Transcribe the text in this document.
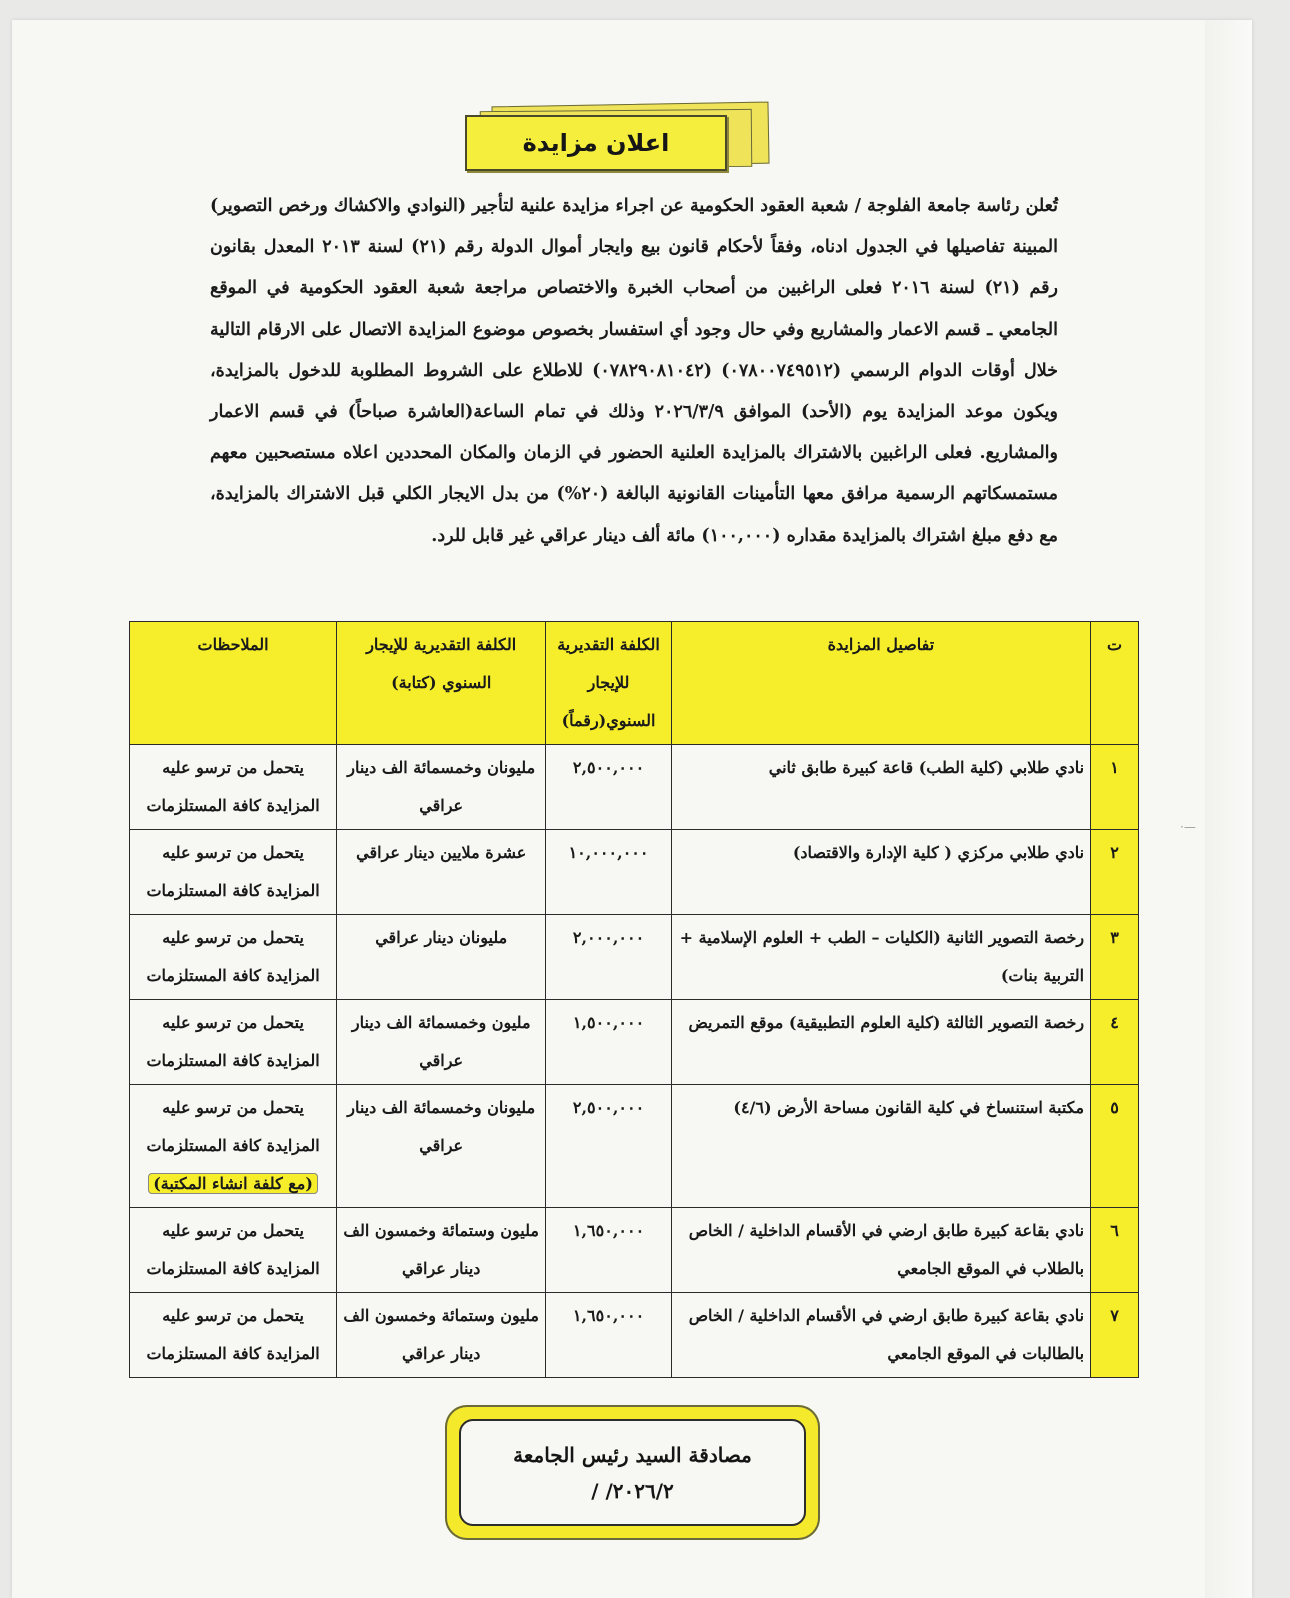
اعلان مزايدة
تُعلن رئاسة جامعة الفلوجة / شعبة العقود الحكومية عن اجراء مزايدة علنية لتأجير (النوادي والاكشاك ورخص التصوير) المبينة تفاصيلها في الجدول ادناه، وفقاً لأحكام قانون بيع وايجار أموال الدولة رقم (٢١) لسنة ٢٠١٣ المعدل بقانون رقم (٢١) لسنة ٢٠١٦ فعلى الراغبين من أصحاب الخبرة والاختصاص مراجعة شعبة العقود الحكومية في الموقع الجامعي ـ قسم الاعمار والمشاريع وفي حال وجود أي استفسار بخصوص موضوع المزايدة الاتصال على الارقام التالية خلال أوقات الدوام الرسمي (٠٧٨٠٠٧٤٩٥١٢) (٠٧٨٢٩٠٨١٠٤٢) للاطلاع على الشروط المطلوبة للدخول بالمزايدة، ويكون موعد المزايدة يوم (الأحد) الموافق ٢٠٢٦/٣/٩ وذلك في تمام الساعة(العاشرة صباحاً) في قسم الاعمار والمشاريع. فعلى الراغبين بالاشتراك بالمزايدة العلنية الحضور في الزمان والمكان المحددين اعلاه مستصحبين معهم مستمسكاتهم الرسمية مرافق معها التأمينات القانونية البالغة (٢٠%) من بدل الايجار الكلي قبل الاشتراك بالمزايدة، مع دفع مبلغ اشتراك بالمزايدة مقداره (١٠٠,٠٠٠) مائة ألف دينار عراقي غير قابل للرد.
ت	تفاصيل المزايدة	الكلفة التقديرية للإيجار السنوي(رقماً)	الكلفة التقديرية للإيجار السنوي (كتابة)	الملاحظات
١	نادي طلابي (كلية الطب) قاعة كبيرة طابق ثاني	٢,٥٠٠,٠٠٠	مليونان وخمسمائة الف دينار عراقي	يتحمل من ترسو عليه المزايدة كافة المستلزمات
٢	نادي طلابي مركزي ( كلية الإدارة والاقتصاد)	١٠,٠٠٠,٠٠٠	عشرة ملايين دينار عراقي	يتحمل من ترسو عليه المزايدة كافة المستلزمات
٣	رخصة التصوير الثانية (الكليات – الطب + العلوم الإسلامية + التربية بنات)	٢,٠٠٠,٠٠٠	مليونان دينار عراقي	يتحمل من ترسو عليه المزايدة كافة المستلزمات
٤	رخصة التصوير الثالثة (كلية العلوم التطبيقية) موقع التمريض	١,٥٠٠,٠٠٠	مليون وخمسمائة الف دينار عراقي	يتحمل من ترسو عليه المزايدة كافة المستلزمات
٥	مكتبة استنساخ في كلية القانون مساحة الأرض (٤/٦)	٢,٥٠٠,٠٠٠	مليونان وخمسمائة الف دينار عراقي	يتحمل من ترسو عليه المزايدة كافة المستلزمات
(مع كلفة انشاء المكتبة)
٦	نادي بقاعة كبيرة طابق ارضي في الأقسام الداخلية / الخاص بالطلاب في الموقع الجامعي	١,٦٥٠,٠٠٠	مليون وستمائة وخمسون الف دينار عراقي	يتحمل من ترسو عليه المزايدة كافة المستلزمات
٧	نادي بقاعة كبيرة طابق ارضي في الأقسام الداخلية / الخاص بالطالبات في الموقع الجامعي	١,٦٥٠,٠٠٠	مليون وستمائة وخمسون الف دينار عراقي	يتحمل من ترسو عليه المزايدة كافة المستلزمات
·—
مصادقة السيد رئيس الجامعة
٢٠٢٦/٢/ /
